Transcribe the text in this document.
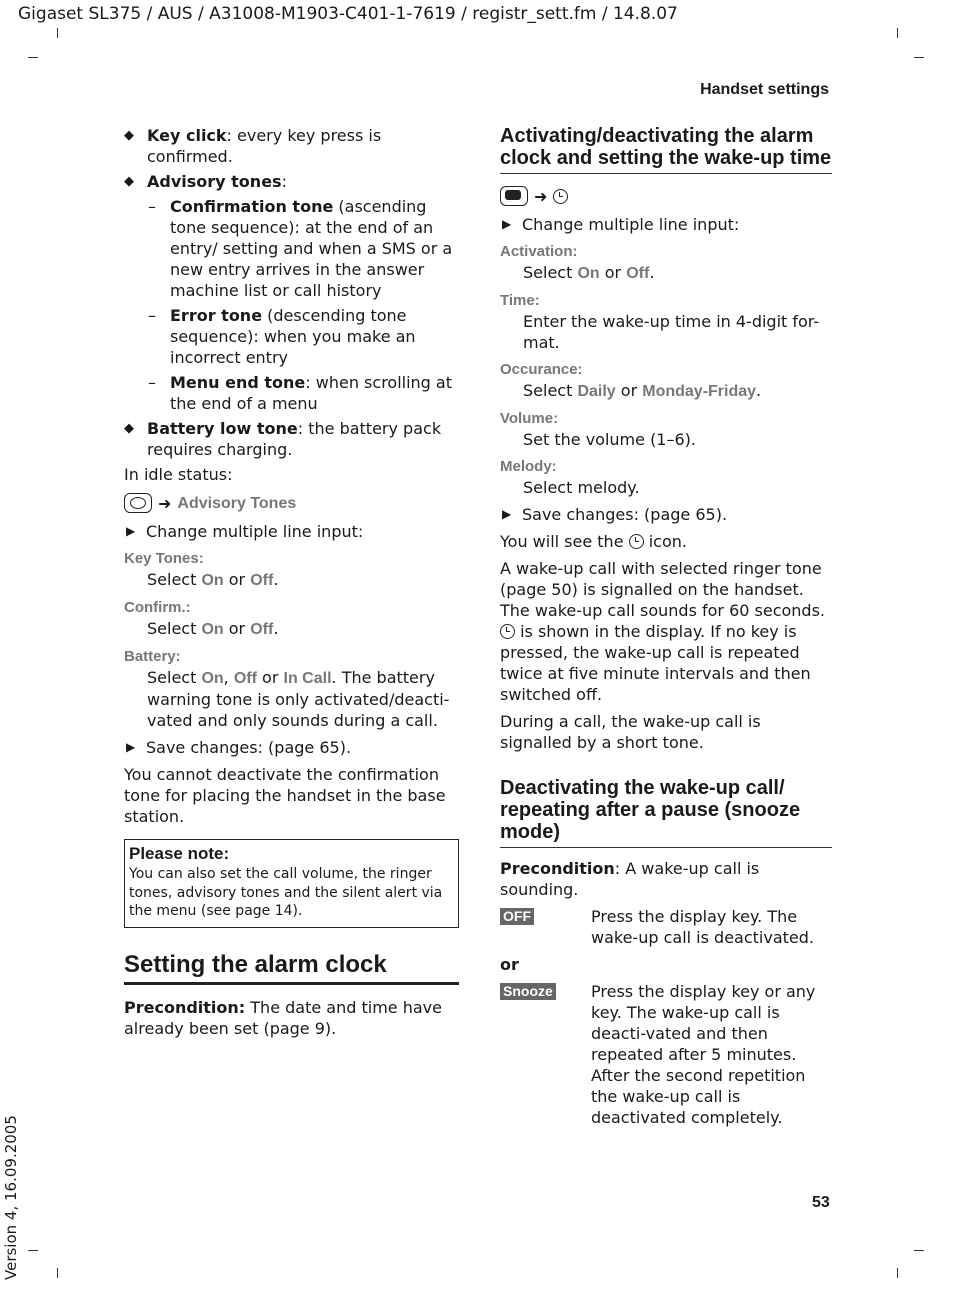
Gigaset SL375 / AUS / A31008-M1903-C401-1-7619 / registr_sett.fm / 14.8.07
Handset settings
Version 4, 16.09.2005	53
◆ Key click: every key press is confirmed.
◆ Advisory tones:
– Confirmation tone (ascending tone sequence): at the end of an entry/ setting and when a SMS or a new entry arrives in the answer machine list or call history
– Error tone (descending tone sequence): when you make an incorrect entry
– Menu end tone: when scrolling at the end of a menu
◆ Battery low tone: the battery pack requires charging.
In idle status:
➜ Advisory Tones
▶ Change multiple line input:
Key Tones:
Select On or Off.
Confirm.:
Select On or Off.
Battery:
Select On, Off or In Call. The battery warning tone is only activated/deacti-vated and only sounds during a call.
▶ Save changes: (page 65).
You cannot deactivate the confirmation tone for placing the handset in the base station.
Please note:
You can also set the call volume, the ringer tones, advisory tones and the silent alert via the menu (see page 14).
Setting the alarm clock
Precondition: The date and time have already been set (page 9).
Activating/deactivating the alarm clock and setting the wake-up time
➜
▶ Change multiple line input:
Activation:
Select On or Off.
Time:
Enter the wake-up time in 4-digit for-mat.
Occurance:
Select Daily or Monday-Friday.
Volume:
Set the volume (1–6).
Melody:
Select melody.
▶ Save changes: (page 65).
You will see the  icon.
A wake-up call with selected ringer tone (page 50) is signalled on the handset. The wake-up call sounds for 60 seconds.  is shown in the display. If no key is pressed, the wake-up call is repeated twice at five minute intervals and then switched off.
During a call, the wake-up call is signalled by a short tone.
Deactivating the wake-up call/ repeating after a pause (snooze mode)
Precondition: A wake-up call is sounding.
OFF	Press the display key. The wake-up call is deactivated.
or
Snooze Press the display key or any key. The wake-up call is deacti-vated and then repeated after 5 minutes. After the second repetition the wake-up call is deactivated completely.
